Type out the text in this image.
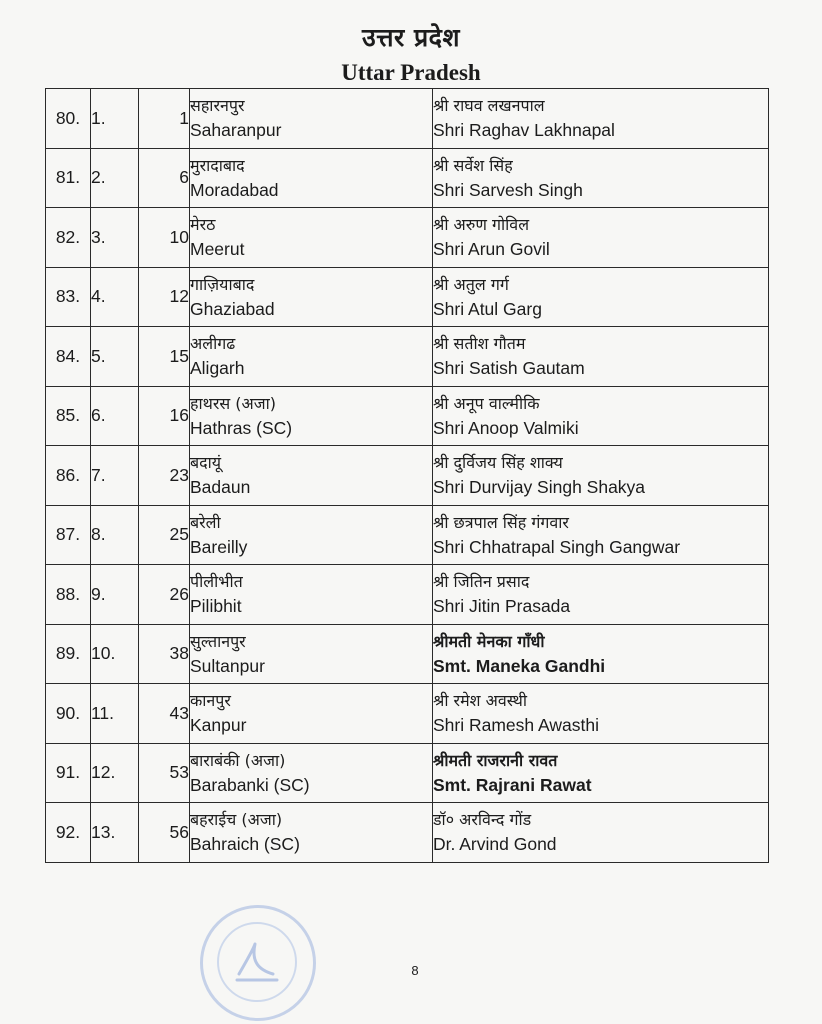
उत्तर प्रदेश
Uttar Pradesh
80.	1.	1	सहारनपुर
Saharanpur	श्री राघव लखनपाल
Shri Raghav Lakhnapal

81.	2.	6	मुरादाबाद
Moradabad	श्री सर्वेश सिंह
Shri Sarvesh Singh

82.	3.	10	मेरठ
Meerut	श्री अरुण गोविल
Shri Arun Govil

83.	4.	12	गाज़ियाबाद
Ghaziabad	श्री अतुल गर्ग
Shri Atul Garg

84.	5.	15	अलीगढ
Aligarh	श्री सतीश गौतम
Shri Satish Gautam

85.	6.	16	हाथरस (अजा)
Hathras (SC)	श्री अनूप वाल्मीकि
Shri Anoop Valmiki

86.	7.	23	बदायूं
Badaun	श्री दुर्विजय सिंह शाक्य
Shri Durvijay Singh Shakya

87.	8.	25	बरेली
Bareilly	श्री छत्रपाल सिंह गंगवार
Shri Chhatrapal Singh Gangwar

88.	9.	26	पीलीभीत
Pilibhit	श्री जितिन प्रसाद
Shri Jitin Prasada

89.	10.	38	सुल्तानपुर
Sultanpur	श्रीमती मेनका गाँधी
Smt. Maneka Gandhi

90.	11.	43	कानपुर
Kanpur	श्री रमेश अवस्थी
Shri Ramesh Awasthi

91.	12.	53	बाराबंकी (अजा)
Barabanki (SC)	श्रीमती राजरानी रावत
Smt. Rajrani Rawat

92.	13.	56	बहराईच (अजा)
Bahraich (SC)	डॉ० अरविन्द गोंड
Dr. Arvind Gond
8
